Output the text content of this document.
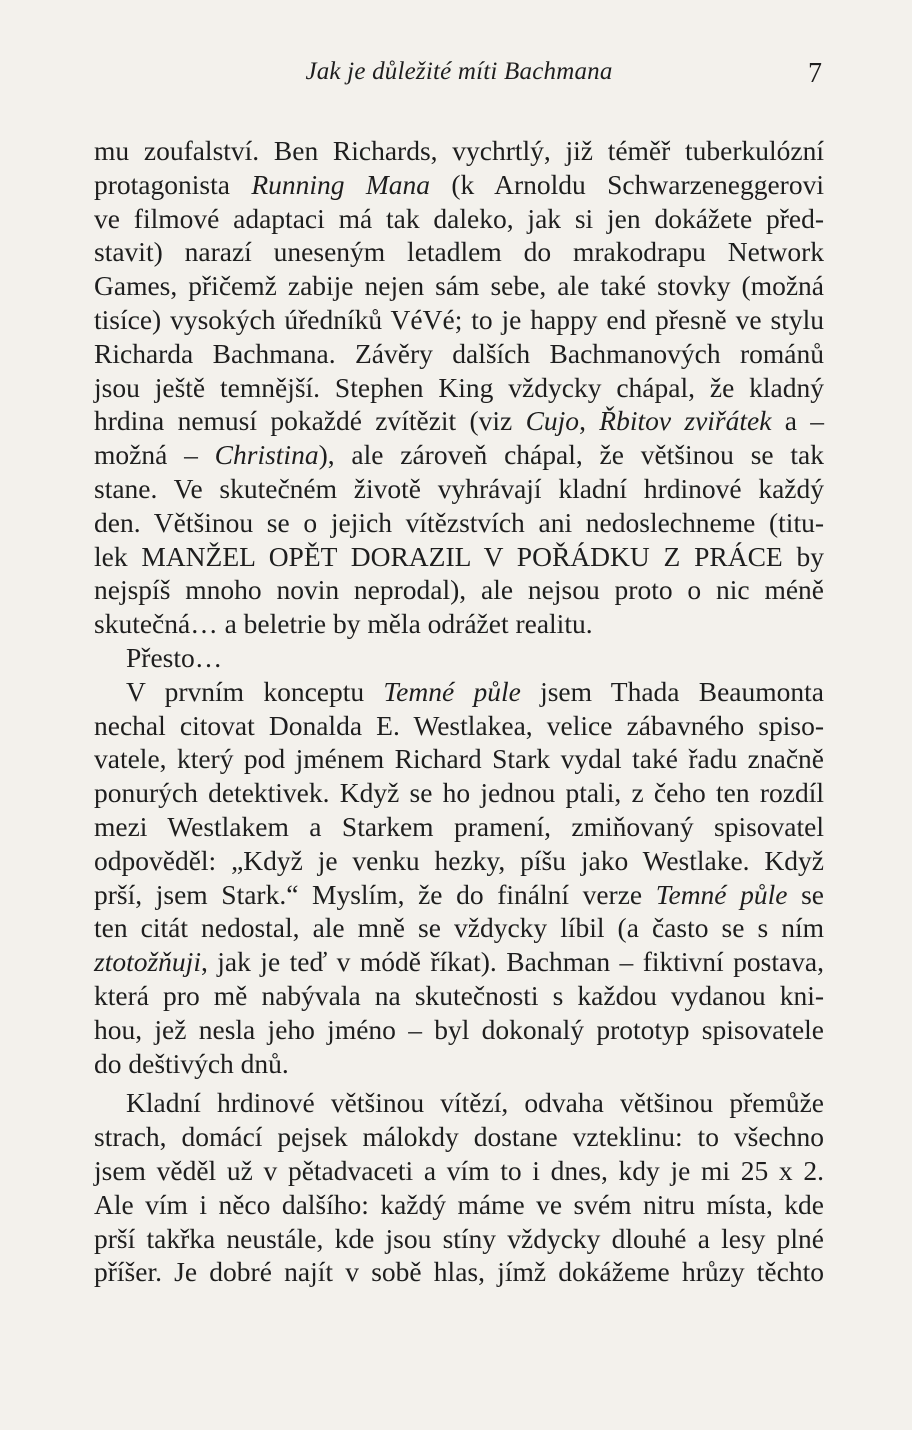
Jak je důležité míti Bachmana	7
mu zoufalství. Ben Richards, vychrtlý, již téměř tuberkulózní
protagonista Running Mana (k Arnoldu Schwarzeneggerovi
ve filmové adaptaci má tak daleko, jak si jen dokážete před-
stavit) narazí uneseným letadlem do mrakodrapu Network
Games, přičemž zabije nejen sám sebe, ale také stovky (možná
tisíce) vysokých úředníků VéVé; to je happy end přesně ve stylu
Richarda Bachmana. Závěry dalších Bachmanových románů
jsou ještě temnější. Stephen King vždycky chápal, že kladný
hrdina nemusí pokaždé zvítězit (viz Cujo, Řbitov zviřátek a –
možná – Christina), ale zároveň chápal, že většinou se tak
stane. Ve skutečném životě vyhrávají kladní hrdinové každý
den. Většinou se o jejich vítězstvích ani nedoslechneme (titu-
lek MANŽEL OPĚT DORAZIL V POŘÁDKU Z PRÁCE by
nejspíš mnoho novin neprodal), ale nejsou proto o nic méně
skutečná… a beletrie by měla odrážet realitu.
Přesto…
V prvním konceptu Temné půle jsem Thada Beaumonta
nechal citovat Donalda E. Westlakea, velice zábavného spiso-
vatele, který pod jménem Richard Stark vydal také řadu značně
ponurých detektivek. Když se ho jednou ptali, z čeho ten rozdíl
mezi Westlakem a Starkem pramení, zmiňovaný spisovatel
odpověděl: „Když je venku hezky, píšu jako Westlake. Když
prší, jsem Stark.“ Myslím, že do finální verze Temné půle se
ten citát nedostal, ale mně se vždycky líbil (a často se s ním
ztotožňuji, jak je teď v módě říkat). Bachman – fiktivní postava,
která pro mě nabývala na skutečnosti s každou vydanou kni-
hou, jež nesla jeho jméno – byl dokonalý prototyp spisovatele
do deštivých dnů.
Kladní hrdinové většinou vítězí, odvaha většinou přemůže
strach, domácí pejsek málokdy dostane vzteklinu: to všechno
jsem věděl už v pětadvaceti a vím to i dnes, kdy je mi 25 x 2.
Ale vím i něco dalšího: každý máme ve svém nitru místa, kde
prší takřka neustále, kde jsou stíny vždycky dlouhé a lesy plné
příšer. Je dobré najít v sobě hlas, jímž dokážeme hrůzy těchto
